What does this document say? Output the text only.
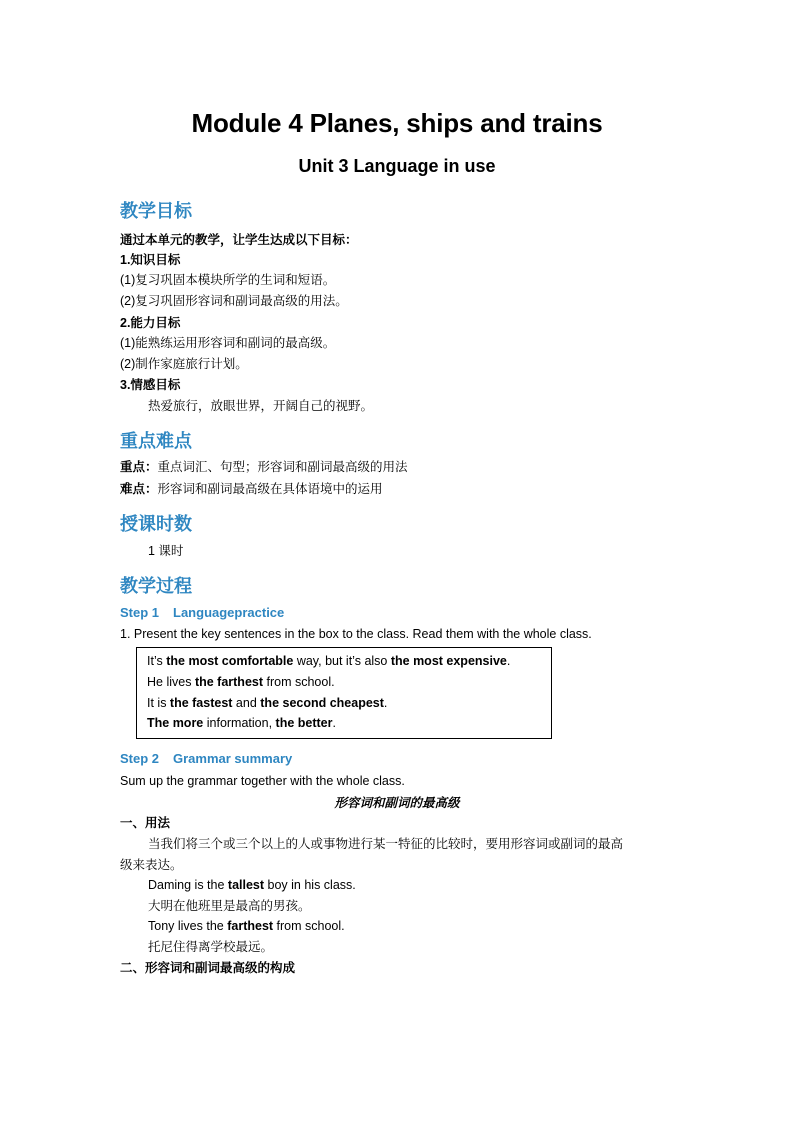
Module 4 Planes, ships and trains
Unit 3 Language in use
教学目标
通过本单元的教学，让学生达成以下目标：
1.知识目标
(1)复习巩固本模块所学的生词和短语。
(2)复习巩固形容词和副词最高级的用法。
2.能力目标
(1)能熟练运用形容词和副词的最高级。
(2)制作家庭旅行计划。
3.情感目标
热爱旅行，放眼世界，开阔自己的视野。
重点难点
重点：重点词汇、句型；形容词和副词最高级的用法
难点：形容词和副词最高级在具体语境中的运用
授课时数
1 课时
教学过程
Step 1 Languagepractice
1. Present the key sentences in the box to the class. Read them with the whole class.
It’s the most comfortable way, but it’s also the most expensive.
He lives the farthest from school.
It is the fastest and the second cheapest.
The more information, the better.
Step 2 Grammar summary
Sum up the grammar together with the whole class.
形容词和副词的最高级
一、用法
当我们将三个或三个以上的人或事物进行某一特征的比较时，要用形容词或副词的最高
级来表达。
Daming is the tallest boy in his class.
大明在他班里是最高的男孩。
Tony lives the farthest from school.
托尼住得离学校最远。
二、形容词和副词最高级的构成
